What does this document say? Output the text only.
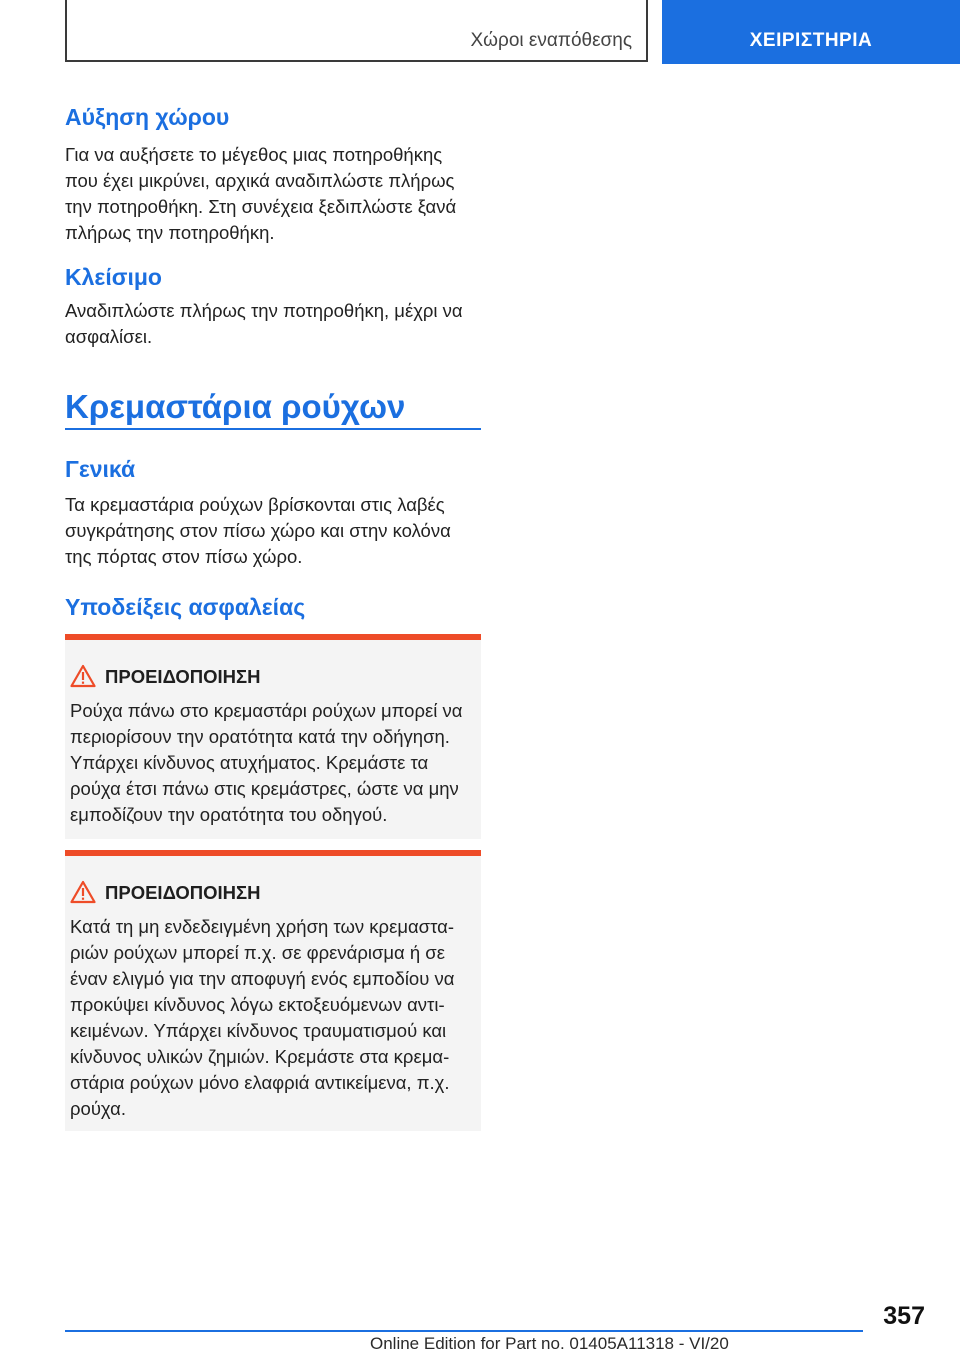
Χώροι εναπόθεσης	ΧΕΙΡΙΣΤΗΡΙΑ
Αύξηση χώρου

Για να αυξήσετε το μέγεθος μιας ποτηροθήκης που έχει μικρύνει, αρχικά αναδιπλώστε πλήρως την ποτηροθήκη. Στη συνέχεια ξεδιπλώστε ξανά πλήρως την ποτηροθήκη.

Κλείσιμο

Αναδιπλώστε πλήρως την ποτηροθήκη, μέχρι να ασφαλίσει.

Κρεμαστάρια ρούχων
Γενικά

Τα κρεμαστάρια ρούχων βρίσκονται στις λαβές συγκράτησης στον πίσω χώρο και στην κολόνα της πόρτας στον πίσω χώρο.

Υποδείξεις ασφαλείας
ΠΡΟΕΙΔΟΠΟΙΗΣΗ

Ρούχα πάνω στο κρεμαστάρι ρούχων μπορεί να περιορίσουν την ορατότητα κατά την οδήγηση. Υπάρχει κίνδυνος ατυχήματος. Κρεμάστε τα ρούχα έτσι πάνω στις κρεμάστρες, ώστε να μην εμποδίζουν την ορατότητα του οδηγού.

ΠΡΟΕΙΔΟΠΟΙΗΣΗ

Κατά τη μη ενδεδειγμένη χρήση των κρεμασταριών ρούχων μπορεί π.χ. σε φρενάρισμα ή σε έναν ελιγμό για την αποφυγή ενός εμποδίου να προκύψει κίνδυνος λόγω εκτοξευόμενων αντικειμένων. Υπάρχει κίνδυνος τραυματισμού και κίνδυνος υλικών ζημιών. Κρεμάστε στα κρεμαστάρια ρούχων μόνο ελαφριά αντικείμενα, π.χ. ρούχα.

357
Online Edition for Part no. 01405A11318 - VI/20
